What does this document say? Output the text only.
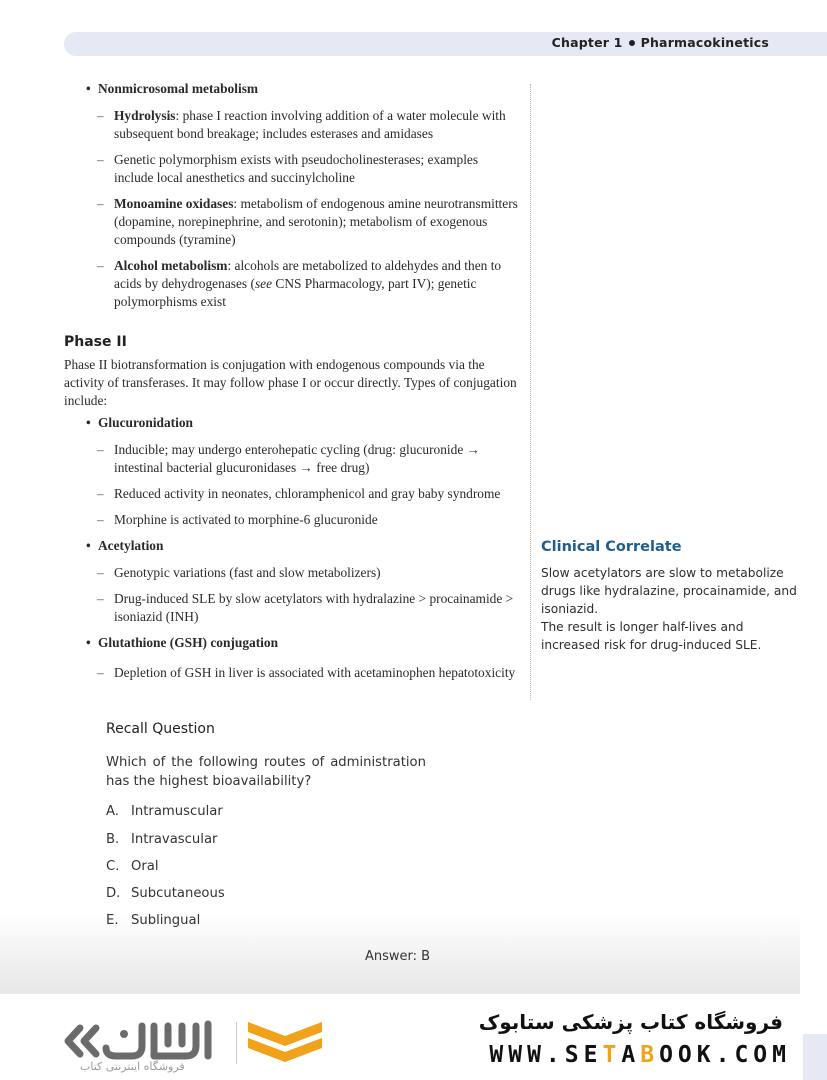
Chapter 1 Pharmacokinetics
• Nonmicrosomal metabolism
– Hydrolysis: phase I reaction involving addition of a water molecule with subsequent bond breakage; includes esterases and amidases
– Genetic polymorphism exists with pseudocholinesterases; examples include local anesthetics and succinylcholine
– Monoamine oxidases: metabolism of endogenous amine neurotransmitters (dopamine, norepinephrine, and serotonin); metabolism of exogenous compounds (tyramine)
– Alcohol metabolism: alcohols are metabolized to aldehydes and then to acids by dehydrogenases (see CNS Pharmacology, part IV); genetic polymorphisms exist
Phase II
Phase II biotransformation is conjugation with endogenous compounds via the activity of transferases. It may follow phase I or occur directly. Types of conjugation include:
• Glucuronidation
– Inducible; may undergo enterohepatic cycling (drug: glucuronide → intestinal bacterial glucuronidases → free drug)
– Reduced activity in neonates, chloramphenicol and gray baby syndrome
– Morphine is activated to morphine-6 glucuronide
• Acetylation
– Genotypic variations (fast and slow metabolizers)
– Drug-induced SLE by slow acetylators with hydralazine > procainamide > isoniazid (INH)
• Glutathione (GSH) conjugation
– Depletion of GSH in liver is associated with acetaminophen hepatotoxicity
Recall Question
Which of the following routes of administration has the highest bioavailability?
A. Intramuscular
B. Intravascular
C. Oral
D. Subcutaneous
E. Sublingual
Answer: B
Clinical Correlate
Slow acetylators are slow to metabolize drugs like hydralazine, procainamide, and isoniazid.
The result is longer half-lives and increased risk for drug-induced SLE.
فروشگاه اینترنتی کتاب
فروشگاه کتاب پزشکی ستابوک
WWW.SETABOOK.COM
